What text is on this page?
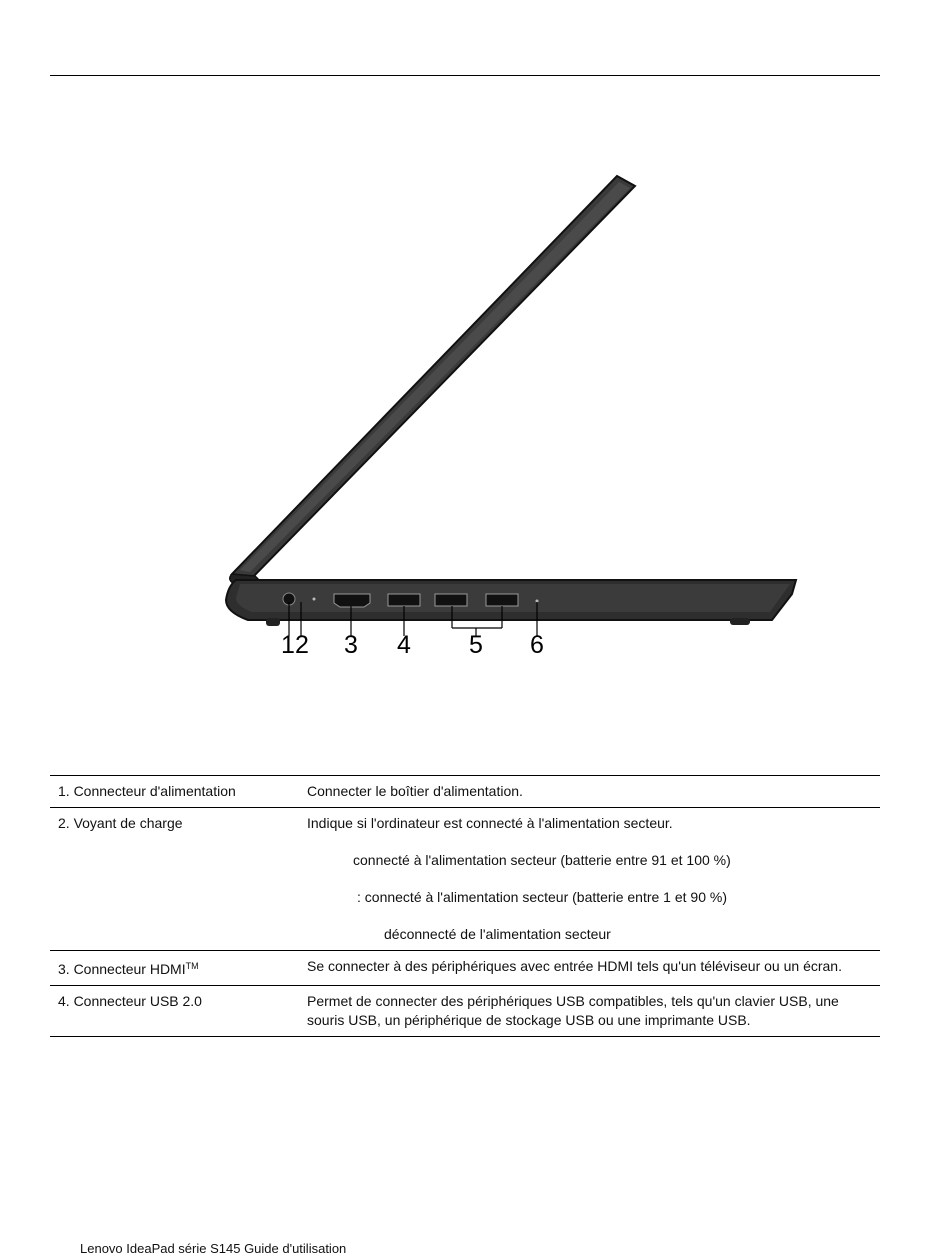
1 2 3 4 5 6
1. Connecteur d'alimentation	Connecter le boîtier d'alimentation.
2. Voyant de charge	Indique si l'ordinateur est connecté à l'alimentation secteur.
connecté à l'alimentation secteur (batterie entre 91 et 100 %)
: connecté à l'alimentation secteur (batterie entre 1 et 90 %)
déconnecté de l'alimentation secteur

3. Connecteur HDMI™	Se connecter à des périphériques avec entrée HDMI tels qu'un téléviseur ou un écran.
4. Connecteur USB 2.0	Permet de connecter des périphériques USB compatibles, tels qu'un clavier USB, une souris USB, un périphérique de stockage USB ou une imprimante USB.
Lenovo IdeaPad série S145 Guide d'utilisation
